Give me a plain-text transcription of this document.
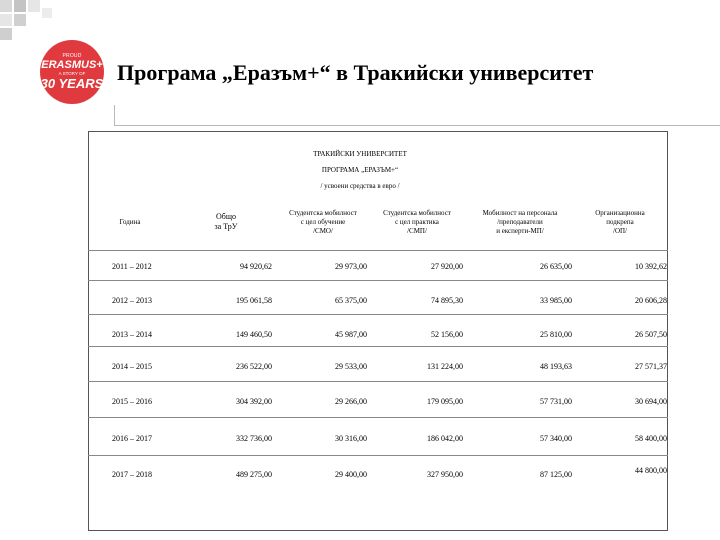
PROUD
ERASMUS+
A STORY OF
30 YEARS Програма „Еразъм+“ в Тракийски университет
ТРАКИЙСКИ УНИВЕРСИТЕТ
ПРОГРАМА „ЕРАЗЪМ+“
/ усвоени средства в евро /
Година
Общо
за ТрУ
Студентска мобилност
с цел обучение
/СМО/
Студентска мобилност
с цел практика
/СМП/
Мобилност на персонала
/преподаватели
и експерти-МП/
Организационна
подкрепа
/ОП/
2011 – 2012	94 920,62	29 973,00	27 920,00	26 635,00	10 392,62
2012 – 2013	195 061,58	65 375,00	74 895,30	33 985,00	20 606,28
2013 – 2014	149 460,50	45 987,00	52 156,00	25 810,00	26 507,50
2014 – 2015	236 522,00	29 533,00	131 224,00	48 193,63	27 571,37
2015 – 2016	304 392,00	29 266,00	179 095,00	57 731,00	30 694,00
2016 – 2017	332 736,00	30 316,00	186 042,00	57 340,00	58 400,00
2017 – 2018	489 275,00	29 400,00	327 950,00	87 125,00	44 800,00
